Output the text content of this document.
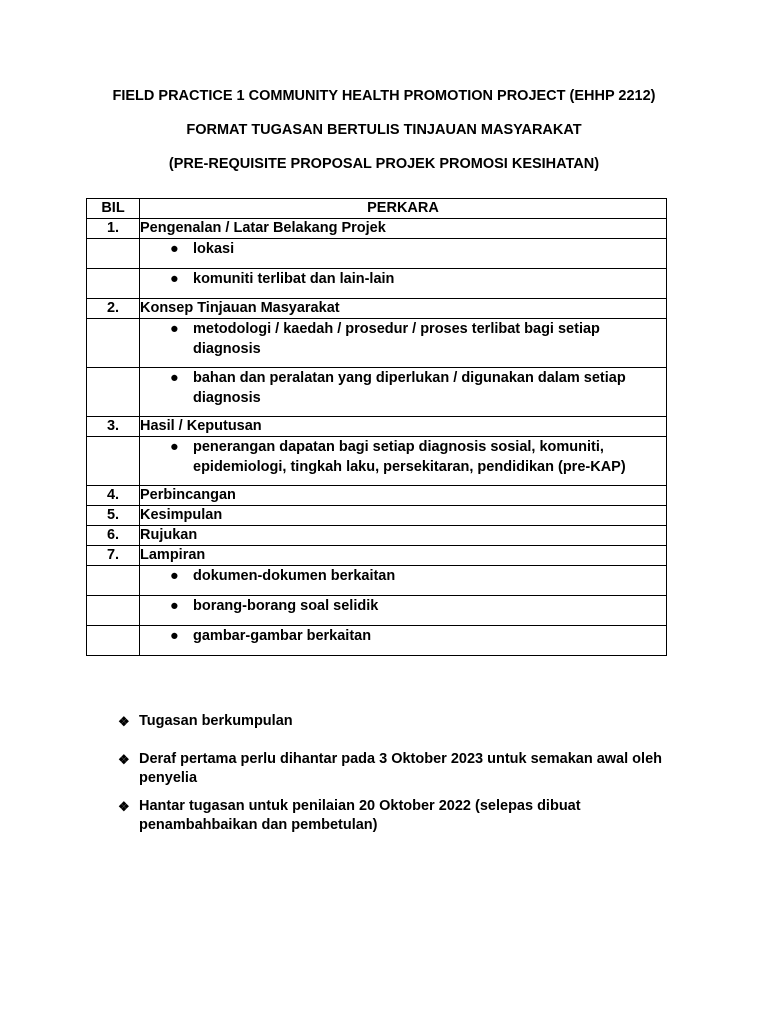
FIELD PRACTICE 1 COMMUNITY HEALTH PROMOTION PROJECT (EHHP 2212)
FORMAT TUGASAN BERTULIS TINJAUAN MASYARAKAT
(PRE-REQUISITE PROPOSAL PROJEK PROMOSI KESIHATAN)
BIL	PERKARA
1.	Pengenalan / Latar Belakang Projek

	● lokasi

	● komuniti terlibat dan lain-lain

2.	Konsep Tinjauan Masyarakat

	● metodologi / kaedah / prosedur / proses terlibat bagi setiap diagnosis

	● bahan dan peralatan yang diperlukan / digunakan dalam setiap diagnosis

3.	Hasil / Keputusan

	● penerangan dapatan bagi setiap diagnosis sosial, komuniti, epidemiologi, tingkah laku, persekitaran, pendidikan (pre-KAP)

4.	Perbincangan
5.	Kesimpulan
6.	Rujukan
7.	Lampiran

	● dokumen-dokumen berkaitan

	● borang-borang soal selidik

	● gambar-gambar berkaitan
❖ Tugasan berkumpulan
❖ Deraf pertama perlu dihantar pada 3 Oktober 2023 untuk semakan awal oleh penyelia
❖ Hantar tugasan untuk penilaian 20 Oktober 2022 (selepas dibuat penambahbaikan dan pembetulan)
